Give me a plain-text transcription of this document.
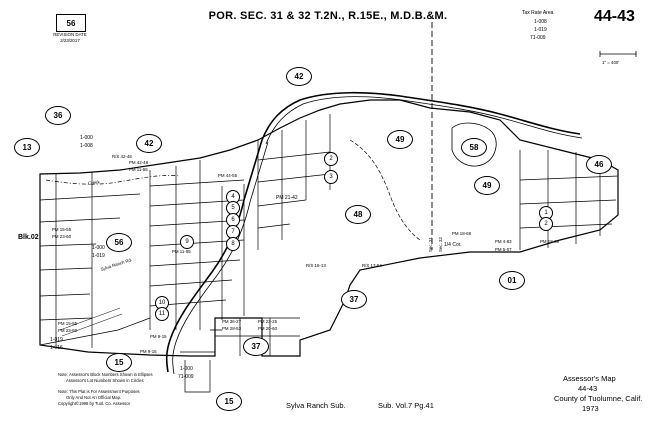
56
REVISION DATE
2/23/2017
POR. SEC. 31 & 32 T.2N., R.15E., M.D.B.&M.	Tax Rate Area
1-008
1-019
71-009
44-43
1" = 400'
36
13	42
42
49
58
46
49
48
56
01
37
37
15
15
Blk.02
2
3
4
5
6
7
8
9
10
11
1
2
1-000
1-008
1-000
1-019
1-019
1-016
1-000
71-009
PM 42-48
PM 11-55
R/S 42-48
PM 44-55
PM 21-42
PM 15-55
PM 23-60
R/S 16-13	R/S 17-54
PM 18-69
PM 5-07
PM 4-83	PM 18-69
PM 36-27
PM 28-53
PM 23-25
PM 20-60
PM 9-15
PM 9-15
PM 15-55
PM 23-60
PM 11-55
1/4 Cor.
Sec. 31 Sec. 32
Sylva Ranch Rd.
Creek
Note: Assessor's Block Numbers Shown in Ellipses
Assessor's Lot Numbers Shown in Circles
Note: This Plat is For Assessment Purposes
Only And Not An Official Map.
Copyright©1998 by Tuol. Co. Assessor	Sylva Ranch Sub.	Sub. Vol.7 Pg.41
Assessor's Map
44-43
County of Tuolumne, Calif.
1973
